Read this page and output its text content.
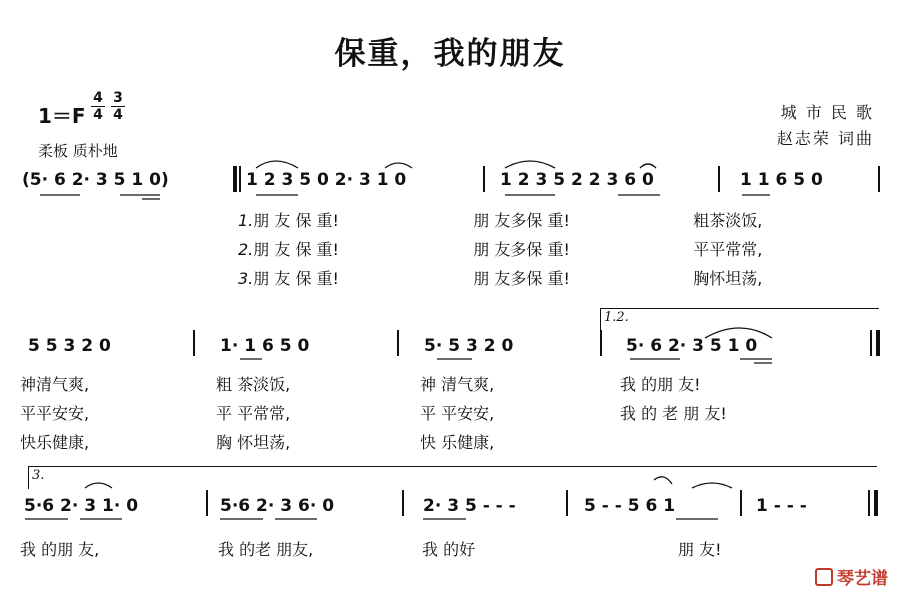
保重，我的朋友
$1=F \frac{4}{4} \frac{3}{4}$
柔板 质朴地
城 市 民 歌
赵志荣 词曲
(5· 6 2· 3 5 1 0)	1 2 3 5 0 2· 3 1 0	1 2 3 5 2 2 3 6 0	1 1 6 5 0
1.朋 友 保 重!	朋 友多保 重!	粗茶淡饭,
2.朋 友 保 重!	朋 友多保 重!	平平常常,
3.朋 友 保 重!	朋 友多保 重!	胸怀坦荡,
1.2.
5 5 3 2 0	1· 1 6 5 0	5· 5 3 2 0	5· 6 2· 3 5 1 0
神清气爽,	粗 茶淡饭,	神 清气爽,	我 的朋 友!
平平安安,	平 平常常,	平 平安安,	我 的 老 朋 友!
快乐健康,	胸 怀坦荡,	快 乐健康,
3.
5·6 2· 3 1· 0	5·6 2· 3 6· 0	2· 3 5 - - -	5 - - 5 6 1	1 - - -
我 的朋 友,	我 的老 朋友,	我 的好	朋 友!
琴艺谱
